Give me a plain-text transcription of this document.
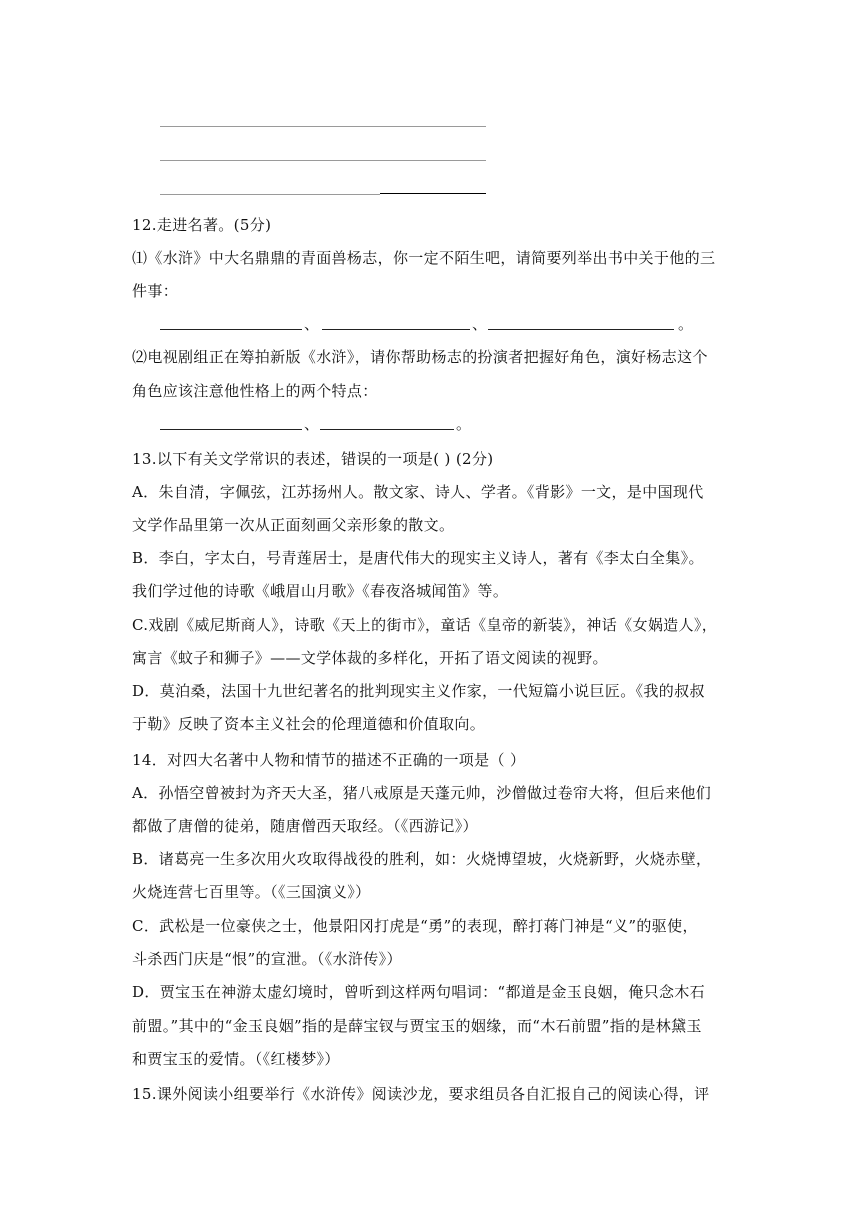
12.走进名著。(5分)
⑴《水浒》中大名鼎鼎的青面兽杨志，你一定不陌生吧，请简要列举出书中关于他的三
件事：
、	、	。
⑵电视剧组正在筹拍新版《水浒》，请你帮助杨志的扮演者把握好角色，演好杨志这个
角色应该注意他性格上的两个特点：
、	。
13.以下有关文学常识的表述，错误的一项是( ) (2分)
A．朱自清，字佩弦，江苏扬州人。散文家、诗人、学者。《背影》一文，是中国现代
文学作品里第一次从正面刻画父亲形象的散文。
B．李白，字太白，号青莲居士，是唐代伟大的现实主义诗人，著有《李太白全集》。
我们学过他的诗歌《峨眉山月歌》《春夜洛城闻笛》等。
C.戏剧《威尼斯商人》，诗歌《天上的街市》，童话《皇帝的新装》，神话《女娲造人》，
寓言《蚊子和狮子》——文学体裁的多样化，开拓了语文阅读的视野。
D．莫泊桑，法国十九世纪著名的批判现实主义作家，一代短篇小说巨匠。《我的叔叔
于勒》反映了资本主义社会的伦理道德和价值取向。
14．对四大名著中人物和情节的描述不正确的一项是（ ）
A．孙悟空曾被封为齐天大圣，猪八戒原是天蓬元帅，沙僧做过卷帘大将，但后来他们
都做了唐僧的徒弟，随唐僧西天取经。（《西游记》）
B．诸葛亮一生多次用火攻取得战役的胜利，如：火烧博望坡，火烧新野，火烧赤壁，
火烧连营七百里等。（《三国演义》）
C．武松是一位豪侠之士，他景阳冈打虎是“勇”的表现，醉打蒋门神是“义”的驱使，
斗杀西门庆是“恨”的宣泄。（《水浒传》）
D．贾宝玉在神游太虚幻境时，曾听到这样两句唱词：“都道是金玉良姻，俺只念木石
前盟。”其中的“金玉良姻”指的是薛宝钗与贾宝玉的姻缘，而“木石前盟”指的是林黛玉
和贾宝玉的爱情。（《红楼梦》）
15.课外阅读小组要举行《水浒传》阅读沙龙，要求组员各自汇报自己的阅读心得，评
